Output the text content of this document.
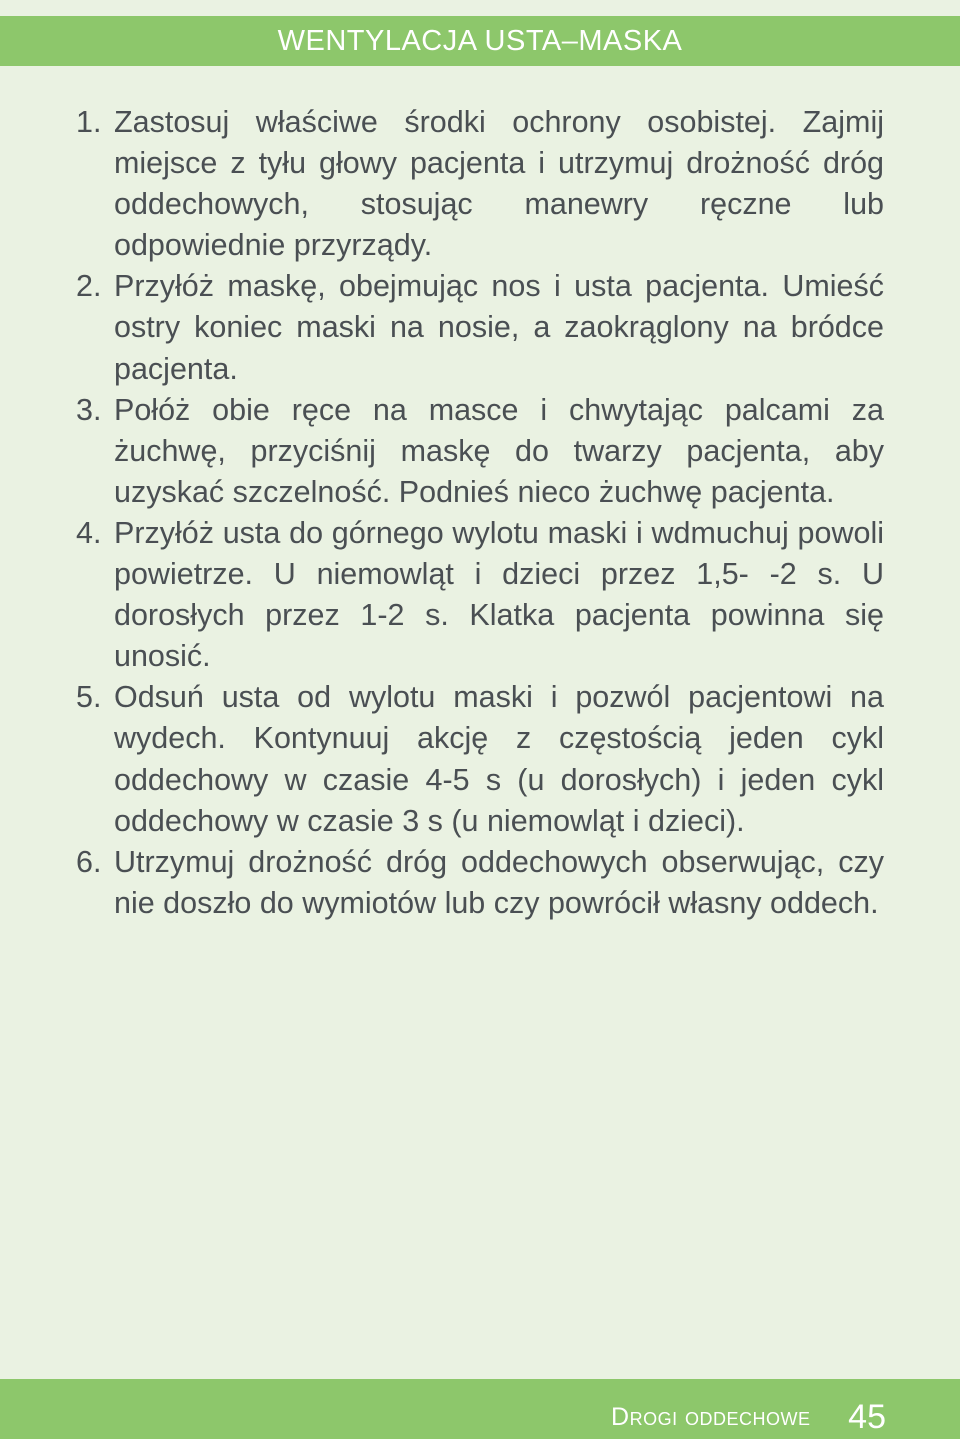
WENTYLACJA USTA–MASKA
1. Zastosuj właściwe środki ochrony osobistej. Zajmij miejsce z tyłu głowy pacjenta i utrzymuj drożność dróg oddechowych, stosując manewry ręczne lub odpowiednie przyrządy.
2. Przyłóż maskę, obejmując nos i usta pacjenta. Umieść ostry koniec maski na nosie, a zaokrąglony na bródce pacjenta.
3. Połóż obie ręce na masce i chwytając palcami za żuchwę, przyciśnij maskę do twarzy pacjenta, aby uzyskać szczelność. Podnieś nieco żuchwę pacjenta.
4. Przyłóż usta do górnego wylotu maski i wdmuchuj powoli powietrze. U niemowląt i dzieci przez 1,5- -2 s. U dorosłych przez 1-2 s. Klatka pacjenta powinna się unosić.
5. Odsuń usta od wylotu maski i pozwól pacjentowi na wydech. Kontynuuj akcję z częstością jeden cykl oddechowy w czasie 4-5 s (u dorosłych) i jeden cykl oddechowy w czasie 3 s (u niemowląt i dzieci).
6. Utrzymuj drożność dróg oddechowych obserwując, czy nie doszło do wymiotów lub czy powrócił własny oddech.
Drogi oddechowe	45
